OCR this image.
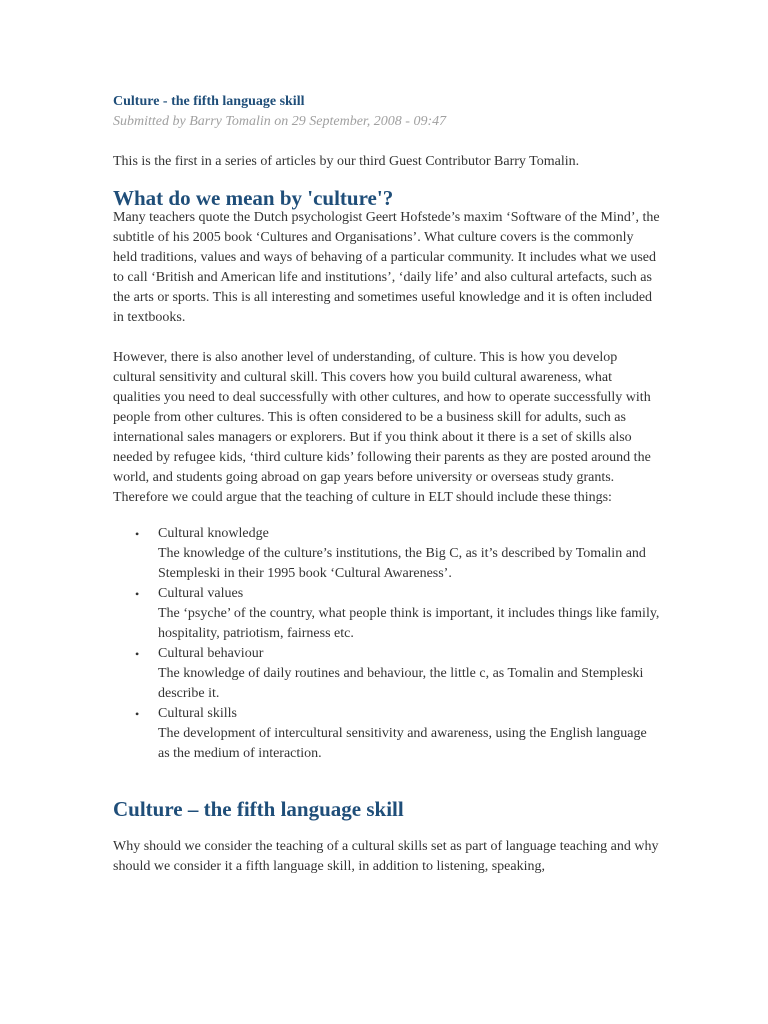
Culture - the fifth language skill
Submitted by Barry Tomalin on 29 September, 2008 - 09:47

This is the first in a series of articles by our third Guest Contributor Barry Tomalin.

What do we mean by 'culture'?

Many teachers quote the Dutch psychologist Geert Hofstede’s maxim ‘Software of the Mind’, the subtitle of his 2005 book ‘Cultures and Organisations’. What culture covers is the commonly held traditions, values and ways of behaving of a particular community. It includes what we used to call ‘British and American life and institutions’, ‘daily life’ and also cultural artefacts, such as the arts or sports. This is all interesting and sometimes useful knowledge and it is often included in textbooks.

However, there is also another level of understanding, of culture. This is how you develop cultural sensitivity and cultural skill. This covers how you build cultural awareness, what qualities you need to deal successfully with other cultures, and how to operate successfully with people from other cultures. This is often considered to be a business skill for adults, such as international sales managers or explorers. But if you think about it there is a set of skills also needed by refugee kids, ‘third culture kids’ following their parents as they are posted around the world, and students going abroad on gap years before university or overseas study grants. Therefore we could argue that the teaching of culture in ELT should include these things:

• Cultural knowledge
The knowledge of the culture’s institutions, the Big C, as it’s described by Tomalin and Stempleski in their 1995 book ‘Cultural Awareness’.
• Cultural values
The ‘psyche’ of the country, what people think is important, it includes things like family, hospitality, patriotism, fairness etc.
• Cultural behaviour
The knowledge of daily routines and behaviour, the little c, as Tomalin and Stempleski describe it.
• Cultural skills
The development of intercultural sensitivity and awareness, using the English language as the medium of interaction.
Culture – the fifth language skill

Why should we consider the teaching of a cultural skills set as part of language teaching and why should we consider it a fifth language skill, in addition to listening, speaking,
